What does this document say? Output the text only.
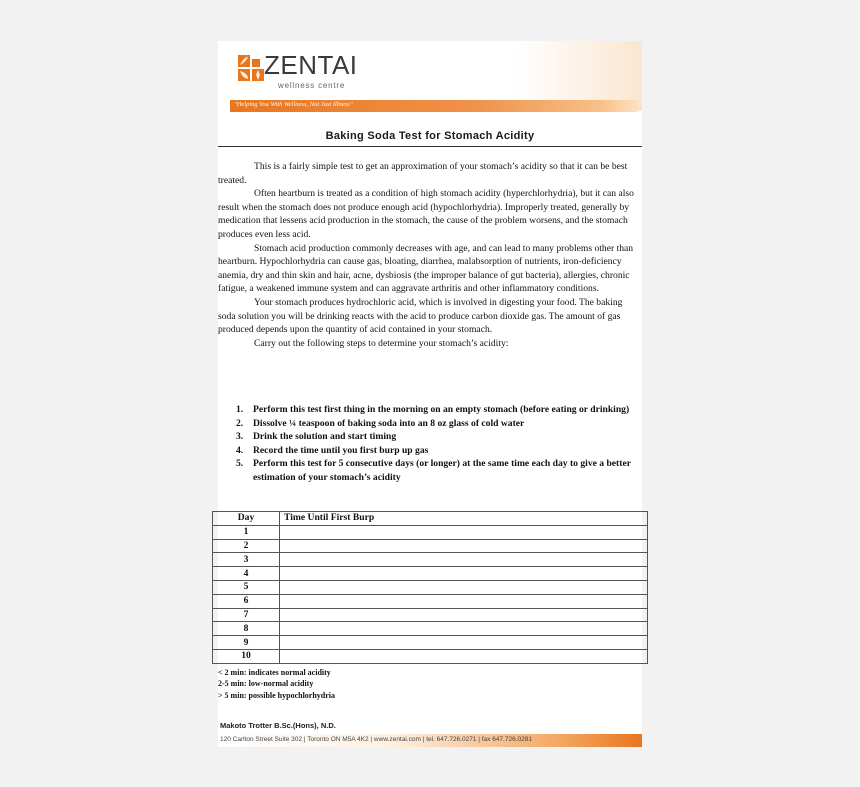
ZENTAI
wellness centre
"Helping You With Wellness, Not Just Illness"
Baking Soda Test for Stomach Acidity

This is a fairly simple test to get an approximation of your stomach’s acidity so that it can be best treated.

Often heartburn is treated as a condition of high stomach acidity (hyperchlorhydria), but it can also result when the stomach does not produce enough acid (hypochlorhydria). Improperly treated, generally by medication that lessens acid production in the stomach, the cause of the problem worsens, and the stomach produces even less acid.

Stomach acid production commonly decreases with age, and can lead to many problems other than heartburn. Hypochlorhydria can cause gas, bloating, diarrhea, malabsorption of nutrients, iron-deficiency anemia, dry and thin skin and hair, acne, dysbiosis (the improper balance of gut bacteria), allergies, chronic fatigue, a weakened immune system and can aggravate arthritis and other inflammatory conditions.

Your stomach produces hydrochloric acid, which is involved in digesting your food. The baking soda solution you will be drinking reacts with the acid to produce carbon dioxide gas. The amount of gas produced depends upon the quantity of acid contained in your stomach.

Carry out the following steps to determine your stomach’s acidity:

1. Perform this test first thing in the morning on an empty stomach (before eating or drinking)
2. Dissolve ¼ teaspoon of baking soda into an 8 oz glass of cold water
3. Drink the solution and start timing
4. Record the time until you first burp up gas
5. Perform this test for 5 consecutive days (or longer) at the same time each day to give a better estimation of your stomach’s acidity
Day	Time Until First Burp
1	
2	
3	
4	
5	
6	
7	
8	
9	
10	
< 2 min: indicates normal acidity
2-5 min: low-normal acidity
> 5 min: possible hypochlorhydria
Makoto Trotter B.Sc.(Hons), N.D.
120 Carlton Street Suite 302 | Toronto ON M5A 4K2 | www.zentai.com | tel. 647.726.0271 | fax 647.726.0281
